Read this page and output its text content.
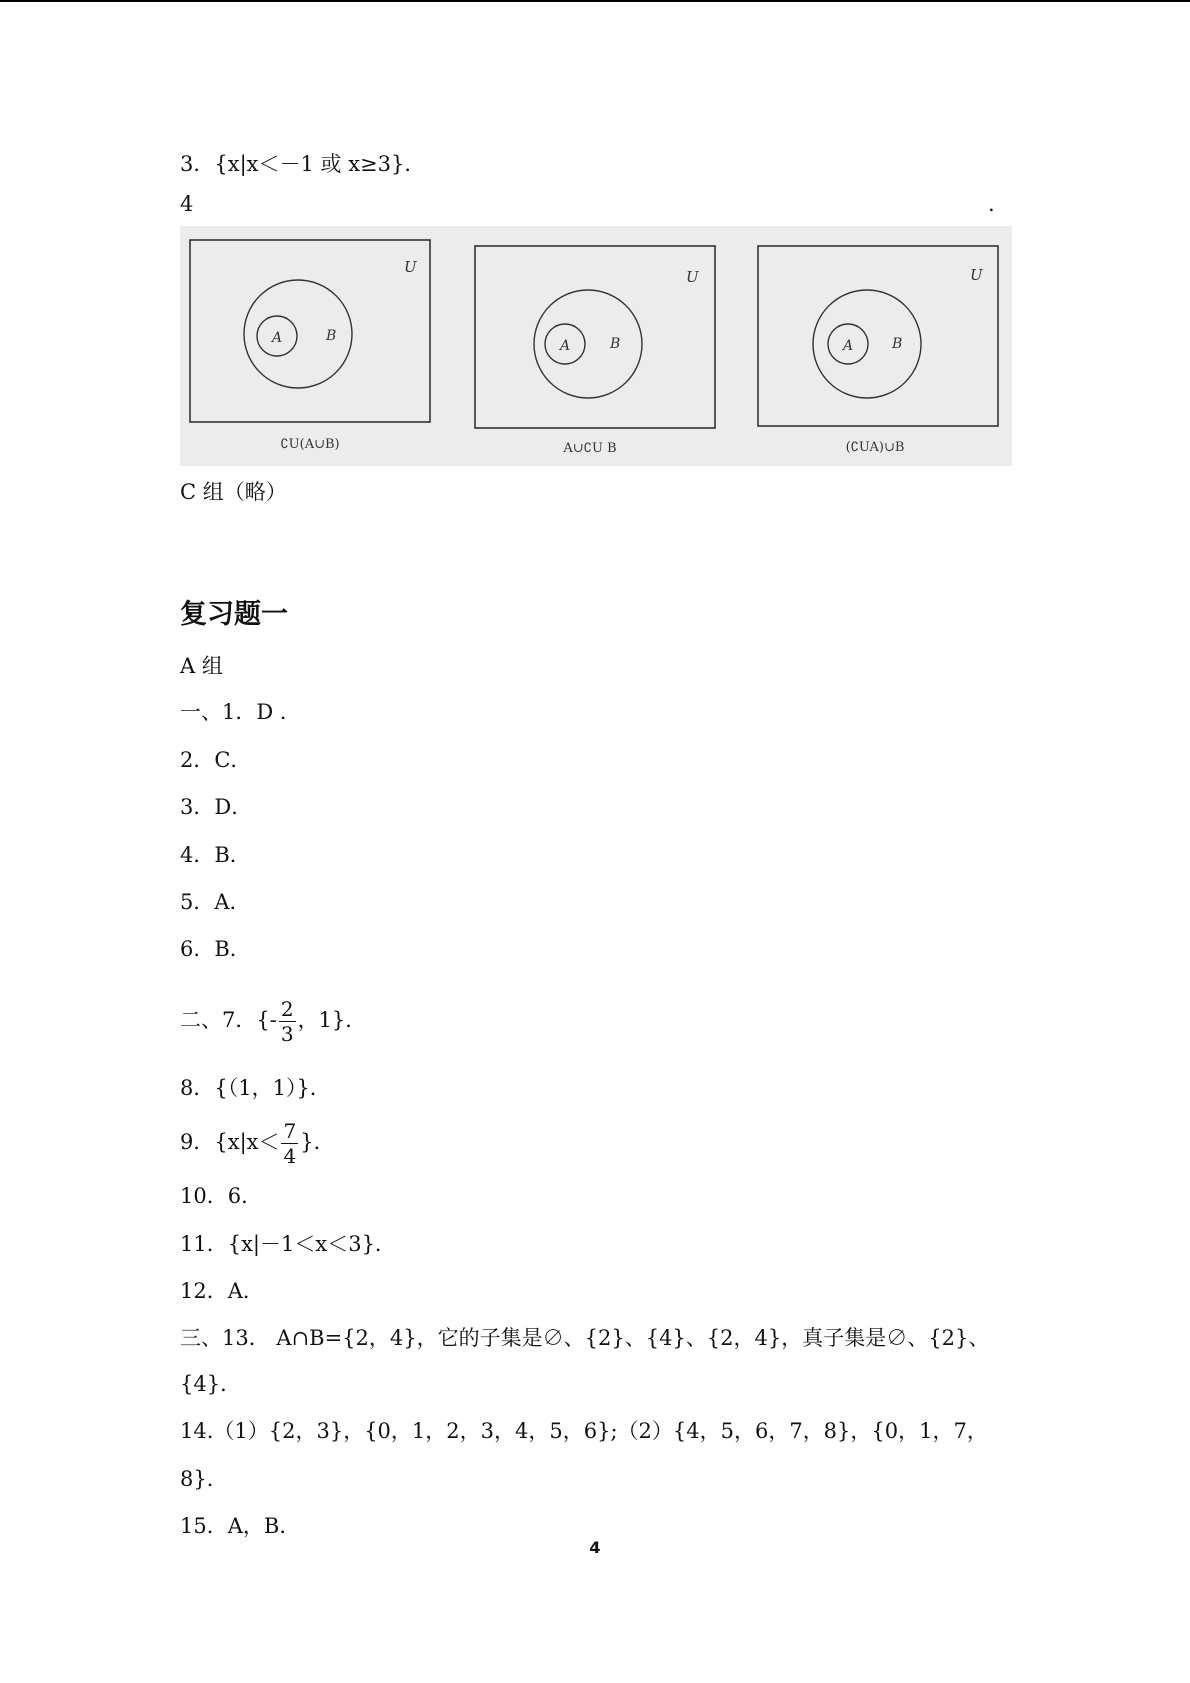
3．{x|x＜－1 或 x≥3}．
4	.
U
A	B
∁U(A∪B)
U
A	B
A∪∁U B
U
A	B
(∁UA)∪B
C 组（略）
复习题一
A 组
一、1．D ．
2．C．
3．D．
4．B．
5．A．
6．B．
二、7．{- $\frac{2}{3}$ ，1}．
8．{（1，1）}．
9．{$x|x< \frac{7}{4}$ }．
10．6．
11．{x|－1＜x＜3}．
12．A．
三、13． A∩B={2，4}，它的子集是∅、{2}、{4}、{2，4}，真子集是∅、{2}、
{4}．
14.（1）{2，3}，{0，1，2，3，4，5，6};（2）{4，5，6，7，8}，{0，1，7，
8}．
15．A，B．
4
